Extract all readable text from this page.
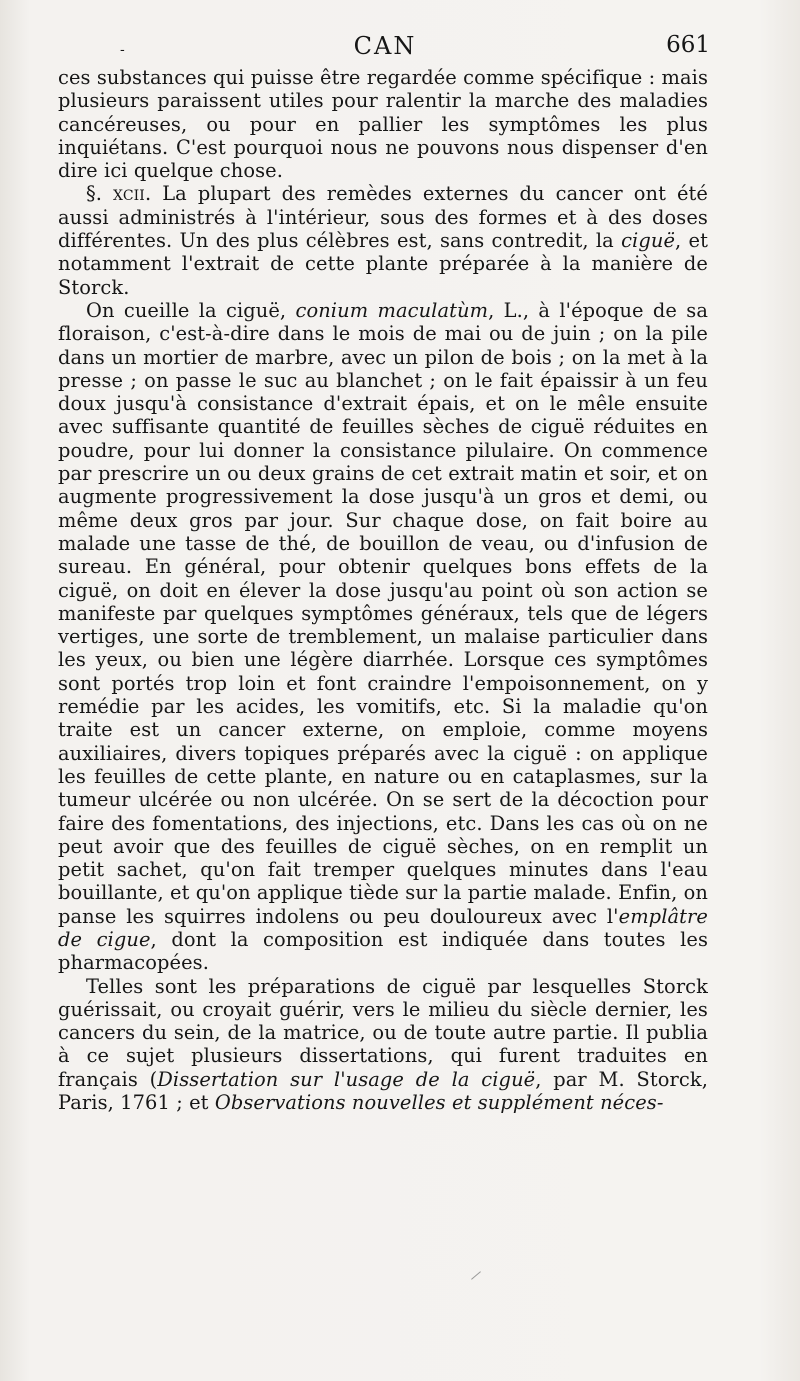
-	CAN	661

ces substances qui puisse être regardée comme spécifique : mais plusieurs paraissent utiles pour ralentir la marche des maladies cancéreuses, ou pour en pallier les symptômes les plus inquiétans. C'est pourquoi nous ne pouvons nous dispenser d'en dire ici quelque chose.

§. xcii. La plupart des remèdes externes du cancer ont été aussi administrés à l'intérieur, sous des formes et à des doses différentes. Un des plus célèbres est, sans contredit, la ciguë, et notamment l'extrait de cette plante préparée à la manière de Storck.

On cueille la ciguë, conium maculatùm, L., à l'époque de sa floraison, c'est-à-dire dans le mois de mai ou de juin ; on la pile dans un mortier de marbre, avec un pilon de bois ; on la met à la presse ; on passe le suc au blanchet ; on le fait épaissir à un feu doux jusqu'à consistance d'extrait épais, et on le mêle ensuite avec suffisante quantité de feuilles sèches de ciguë réduites en poudre, pour lui donner la consistance pilulaire. On commence par prescrire un ou deux grains de cet extrait matin et soir, et on augmente progressivement la dose jusqu'à un gros et demi, ou même deux gros par jour. Sur chaque dose, on fait boire au malade une tasse de thé, de bouillon de veau, ou d'infusion de sureau. En général, pour obtenir quelques bons effets de la ciguë, on doit en élever la dose jusqu'au point où son action se manifeste par quelques symptômes généraux, tels que de légers vertiges, une sorte de tremblement, un malaise particulier dans les yeux, ou bien une légère diarrhée. Lorsque ces symptômes sont portés trop loin et font craindre l'empoisonnement, on y remédie par les acides, les vomitifs, etc. Si la maladie qu'on traite est un cancer externe, on emploie, comme moyens auxiliaires, divers topiques préparés avec la ciguë : on applique les feuilles de cette plante, en nature ou en cataplasmes, sur la tumeur ulcérée ou non ulcérée. On se sert de la décoction pour faire des fomentations, des injections, etc. Dans les cas où on ne peut avoir que des feuilles de ciguë sèches, on en remplit un petit sachet, qu'on fait tremper quelques minutes dans l'eau bouillante, et qu'on applique tiède sur la partie malade. Enfin, on panse les squirres indolens ou peu douloureux avec l'emplâtre de cigue, dont la composition est indiquée dans toutes les pharmacopées.

Telles sont les préparations de ciguë par lesquelles Storck guérissait, ou croyait guérir, vers le milieu du siècle dernier, les cancers du sein, de la matrice, ou de toute autre partie. Il publia à ce sujet plusieurs dissertations, qui furent traduites en français (Dissertation sur l'usage de la ciguë, par M. Storck, Paris, 1761 ; et Observations nouvelles et supplément néces-
